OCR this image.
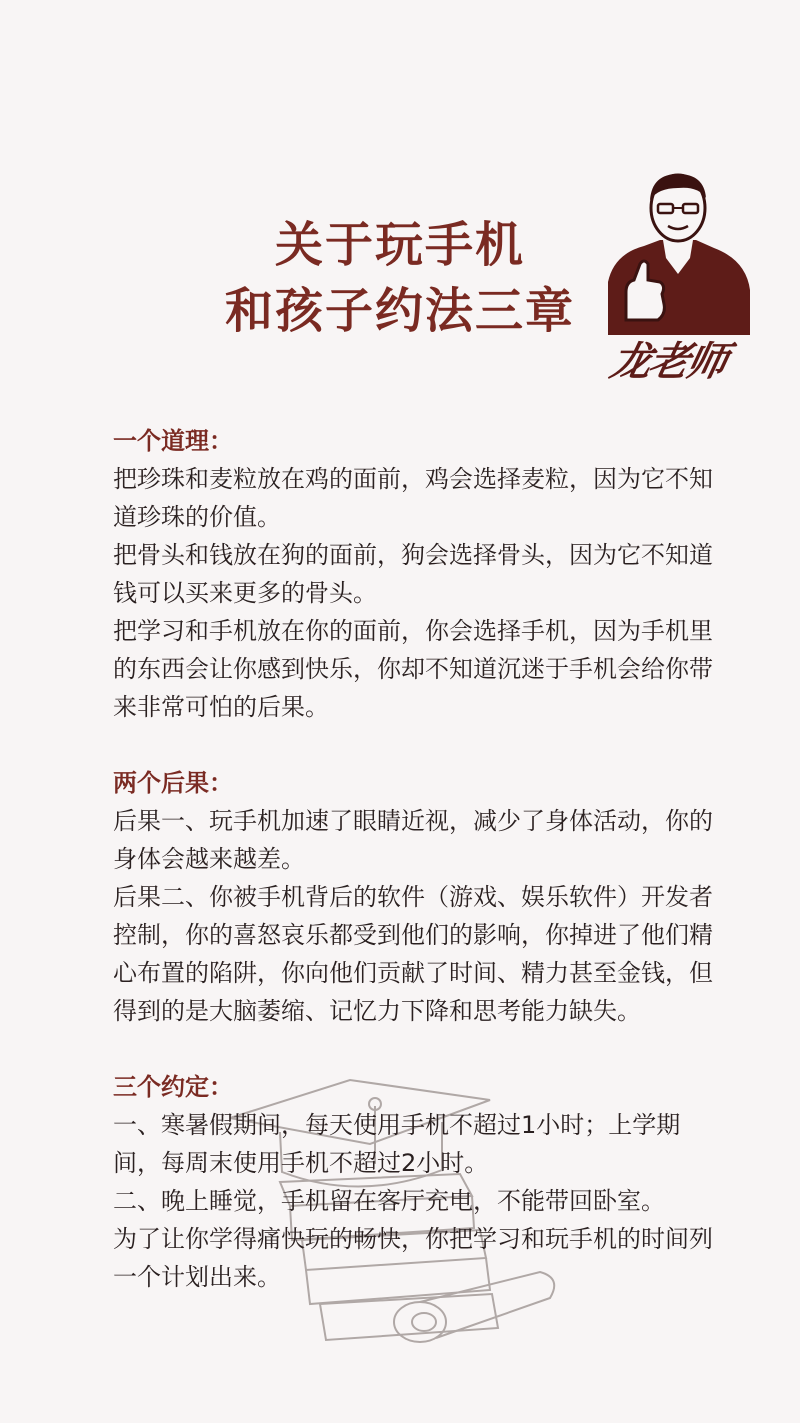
关于玩手机
和孩子约法三章
龙老师
一个道理：
把珍珠和麦粒放在鸡的面前，鸡会选择麦粒，因为它不知道珍珠的价值。
把骨头和钱放在狗的面前，狗会选择骨头，因为它不知道钱可以买来更多的骨头。
把学习和手机放在你的面前，你会选择手机，因为手机里的东西会让你感到快乐，你却不知道沉迷于手机会给你带来非常可怕的后果。
两个后果：
后果一、玩手机加速了眼睛近视，减少了身体活动，你的身体会越来越差。
后果二、你被手机背后的软件（游戏、娱乐软件）开发者控制，你的喜怒哀乐都受到他们的影响，你掉进了他们精心布置的陷阱，你向他们贡献了时间、精力甚至金钱，但得到的是大脑萎缩、记忆力下降和思考能力缺失。
三个约定：
一、寒暑假期间，每天使用手机不超过1小时；上学期间，每周末使用手机不超过2小时。
二、晚上睡觉，手机留在客厅充电，不能带回卧室。
为了让你学得痛快玩的畅快，你把学习和玩手机的时间列一个计划出来。
